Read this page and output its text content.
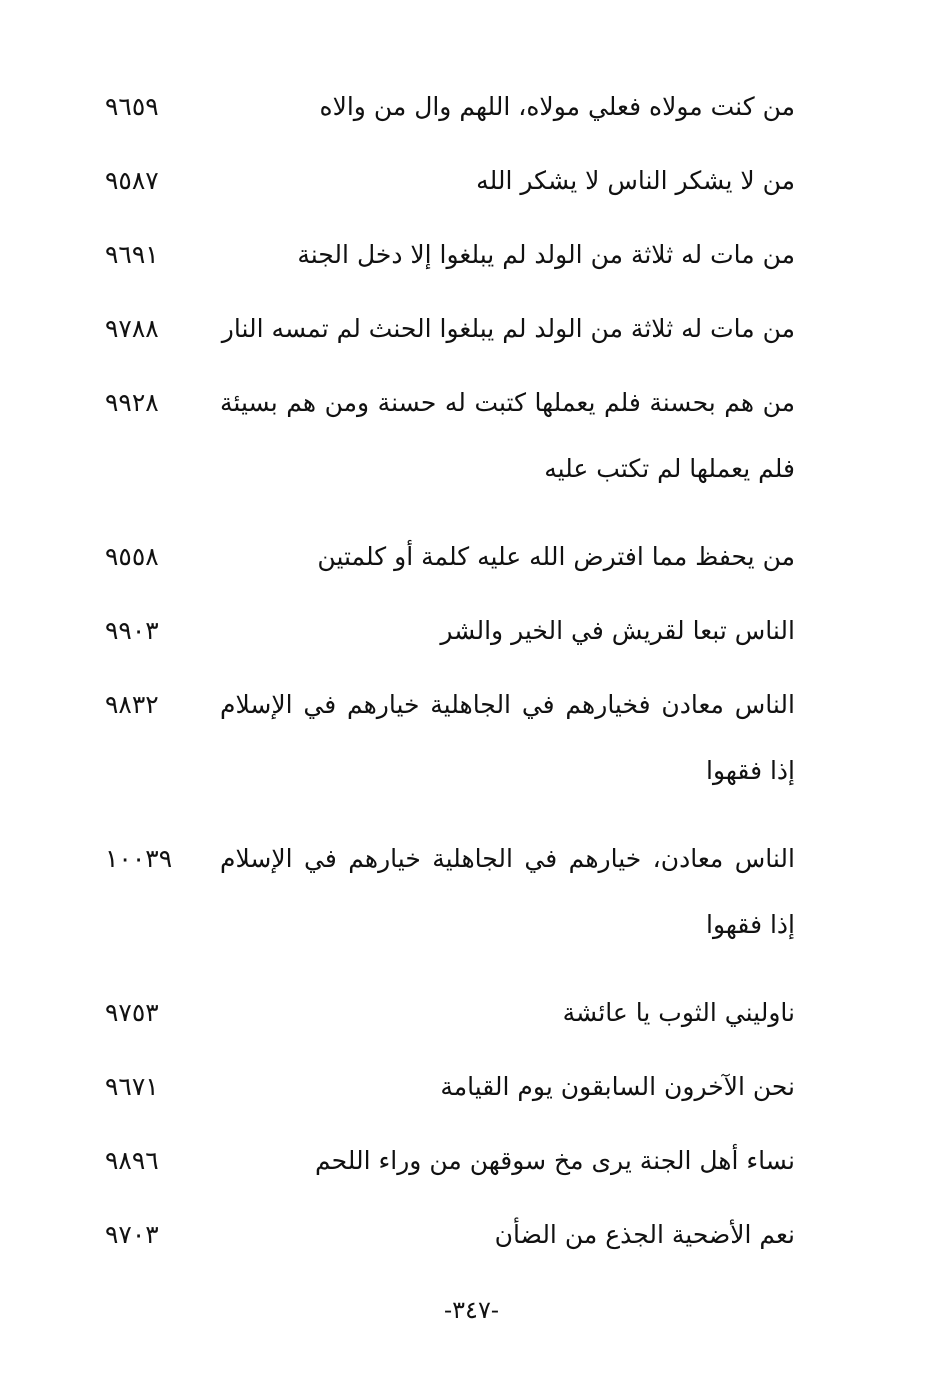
من كنت مولاه فعلي مولاه، اللهم وال من والاه
٩٦٥٩
من لا يشكر الناس لا يشكر الله
٩٥٨٧
من مات له ثلاثة من الولد لم يبلغوا إلا دخل الجنة
٩٦٩١
من مات له ثلاثة من الولد لم يبلغوا الحنث لم تمسه النار
٩٧٨٨
من هم بحسنة فلم يعملها كتبت له حسنة ومن هم بسيئة فلم يعملها لم تكتب عليه
٩٩٢٨
من يحفظ مما افترض الله عليه كلمة أو كلمتين
٩٥٥٨
الناس تبعا لقريش في الخير والشر
٩٩٠٣
الناس معادن فخيارهم في الجاهلية خيارهم في الإسلام إذا فقهوا
٩٨٣٢
الناس معادن، خيارهم في الجاهلية خيارهم في الإسلام إذا فقهوا
١٠٠٣٩
ناوليني الثوب يا عائشة
٩٧٥٣
نحن الآخرون السابقون يوم القيامة
٩٦٧١
نساء أهل الجنة يرى مخ سوقهن من وراء اللحم
٩٨٩٦
نعم الأضحية الجذع من الضأن
٩٧٠٣
-٣٤٧-
